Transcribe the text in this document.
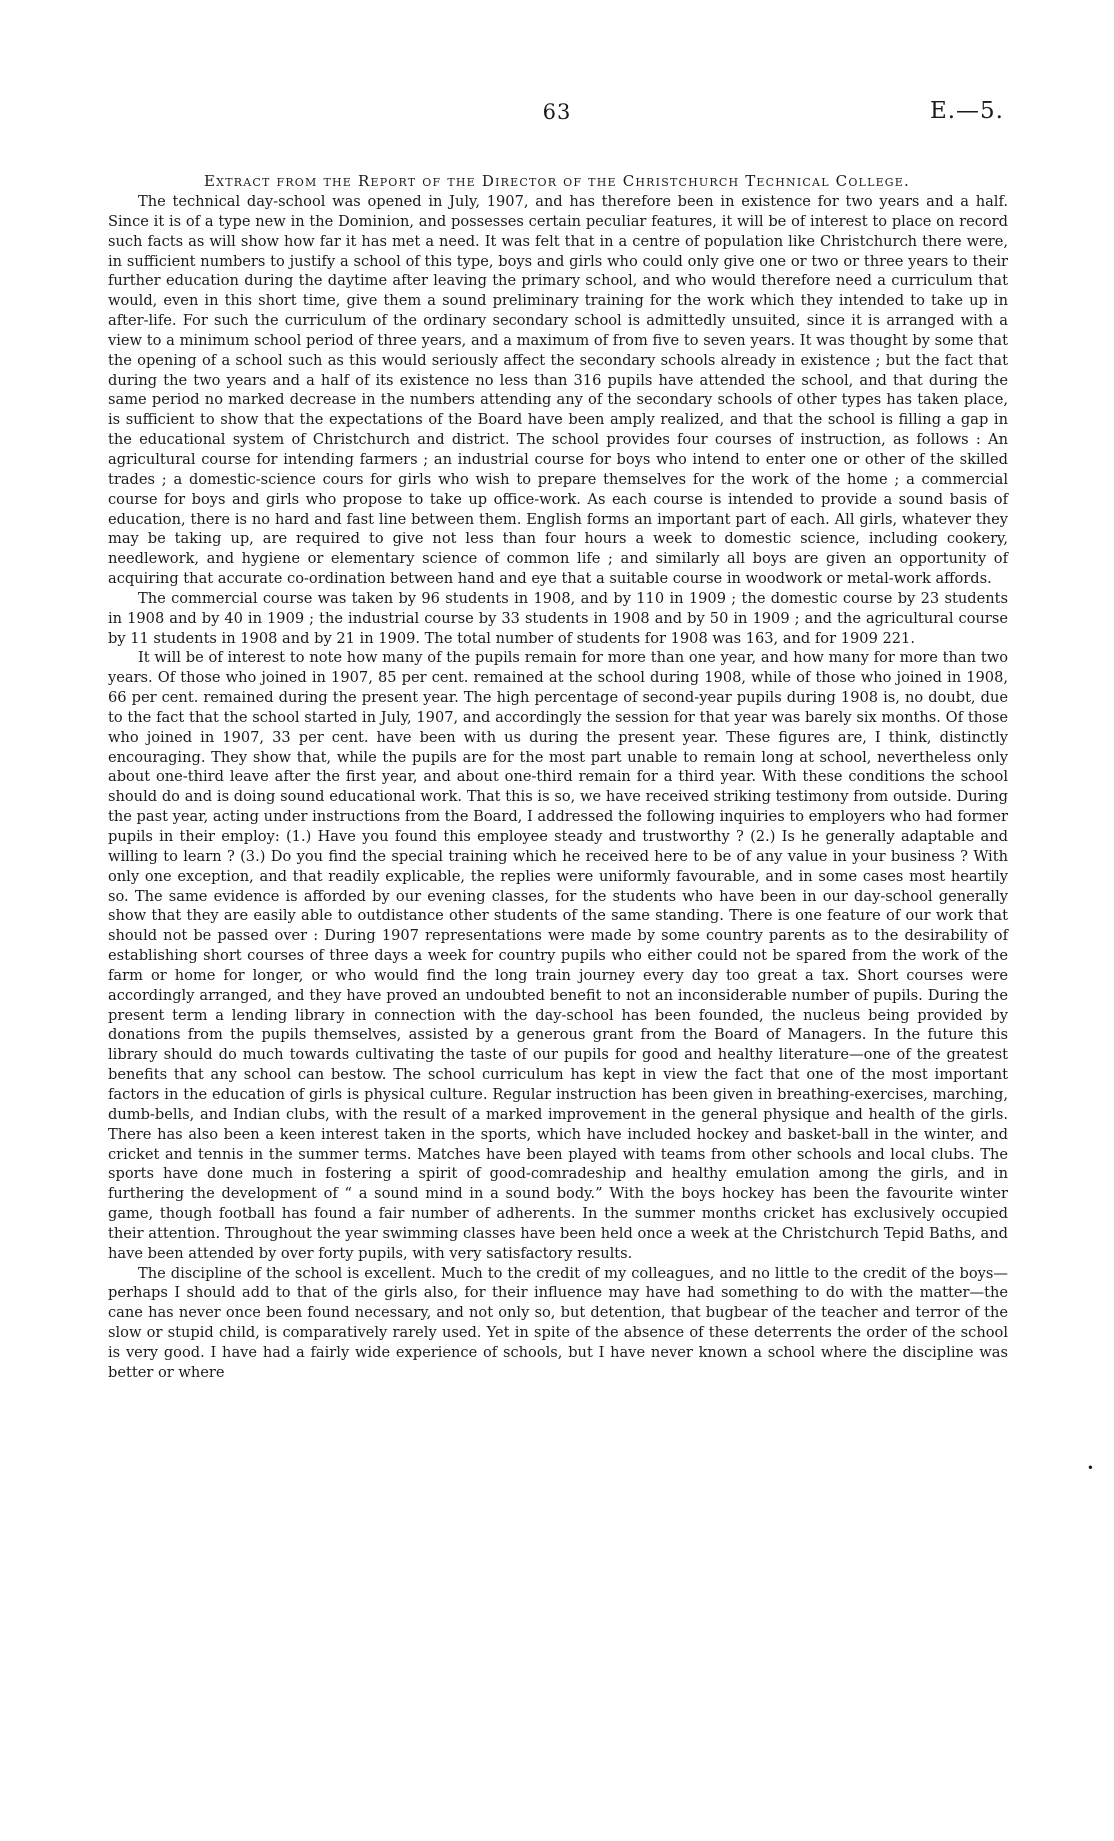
63	E.—5.
Extract from the Report of the Director of the Christchurch Technical College.

The technical day-school was opened in July, 1907, and has therefore been in existence for two years and a half. Since it is of a type new in the Dominion, and possesses certain peculiar features, it will be of interest to place on record such facts as will show how far it has met a need. It was felt that in a centre of population like Christchurch there were, in sufficient numbers to justify a school of this type, boys and girls who could only give one or two or three years to their further education during the daytime after leaving the primary school, and who would therefore need a curriculum that would, even in this short time, give them a sound preliminary training for the work which they intended to take up in after-life. For such the curriculum of the ordinary secondary school is admittedly unsuited, since it is arranged with a view to a minimum school period of three years, and a maximum of from five to seven years. It was thought by some that the opening of a school such as this would seriously affect the secondary schools already in existence ; but the fact that during the two years and a half of its existence no less than 316 pupils have attended the school, and that during the same period no marked decrease in the numbers attending any of the secondary schools of other types has taken place, is sufficient to show that the expectations of the Board have been amply realized, and that the school is filling a gap in the educational system of Christchurch and district. The school provides four courses of instruction, as follows : An agricultural course for intending farmers ; an industrial course for boys who intend to enter one or other of the skilled trades ; a domestic-science cours for girls who wish to prepare themselves for the work of the home ; a commercial course for boys and girls who propose to take up office-work. As each course is intended to provide a sound basis of education, there is no hard and fast line between them. English forms an important part of each. All girls, whatever they may be taking up, are required to give not less than four hours a week to domestic science, including cookery, needlework, and hygiene or elementary science of common life ; and similarly all boys are given an opportunity of acquiring that accurate co-ordination between hand and eye that a suitable course in woodwork or metal-work affords.

The commercial course was taken by 96 students in 1908, and by 110 in 1909 ; the domestic course by 23 students in 1908 and by 40 in 1909 ; the industrial course by 33 students in 1908 and by 50 in 1909 ; and the agricultural course by 11 students in 1908 and by 21 in 1909. The total number of students for 1908 was 163, and for 1909 221.

It will be of interest to note how many of the pupils remain for more than one year, and how many for more than two years. Of those who joined in 1907, 85 per cent. remained at the school during 1908, while of those who joined in 1908, 66 per cent. remained during the present year. The high percentage of second-year pupils during 1908 is, no doubt, due to the fact that the school started in July, 1907, and accordingly the session for that year was barely six months. Of those who joined in 1907, 33 per cent. have been with us during the present year. These figures are, I think, distinctly encouraging. They show that, while the pupils are for the most part unable to remain long at school, nevertheless only about one-third leave after the first year, and about one-third remain for a third year. With these conditions the school should do and is doing sound educational work. That this is so, we have received striking testimony from outside. During the past year, acting under instructions from the Board, I addressed the following inquiries to employers who had former pupils in their employ: (1.) Have you found this employee steady and trustworthy ? (2.) Is he generally adaptable and willing to learn ? (3.) Do you find the special training which he received here to be of any value in your business ? With only one exception, and that readily explicable, the replies were uniformly favourable, and in some cases most heartily so. The same evidence is afforded by our evening classes, for the students who have been in our day-school generally show that they are easily able to outdistance other students of the same standing. There is one feature of our work that should not be passed over : During 1907 representations were made by some country parents as to the desirability of establishing short courses of three days a week for country pupils who either could not be spared from the work of the farm or home for longer, or who would find the long train journey every day too great a tax. Short courses were accordingly arranged, and they have proved an undoubted benefit to not an inconsiderable number of pupils. During the present term a lending library in connection with the day-school has been founded, the nucleus being provided by donations from the pupils themselves, assisted by a generous grant from the Board of Managers. In the future this library should do much towards cultivating the taste of our pupils for good and healthy literature—one of the greatest benefits that any school can bestow. The school curriculum has kept in view the fact that one of the most important factors in the education of girls is physical culture. Regular instruction has been given in breathing-exercises, marching, dumb-bells, and Indian clubs, with the result of a marked improvement in the general physique and health of the girls. There has also been a keen interest taken in the sports, which have included hockey and basket-ball in the winter, and cricket and tennis in the summer terms. Matches have been played with teams from other schools and local clubs. The sports have done much in fostering a spirit of good-comradeship and healthy emulation among the girls, and in furthering the development of “ a sound mind in a sound body.” With the boys hockey has been the favourite winter game, though football has found a fair number of adherents. In the summer months cricket has exclusively occupied their attention. Throughout the year swimming classes have been held once a week at the Christchurch Tepid Baths, and have been attended by over forty pupils, with very satisfactory results.

The discipline of the school is excellent. Much to the credit of my colleagues, and no little to the credit of the boys—perhaps I should add to that of the girls also, for their influence may have had something to do with the matter—the cane has never once been found necessary, and not only so, but detention, that bugbear of the teacher and terror of the slow or stupid child, is comparatively rarely used. Yet in spite of the absence of these deterrents the order of the school is very good. I have had a fairly wide experience of schools, but I have never known a school where the discipline was better or where

•
